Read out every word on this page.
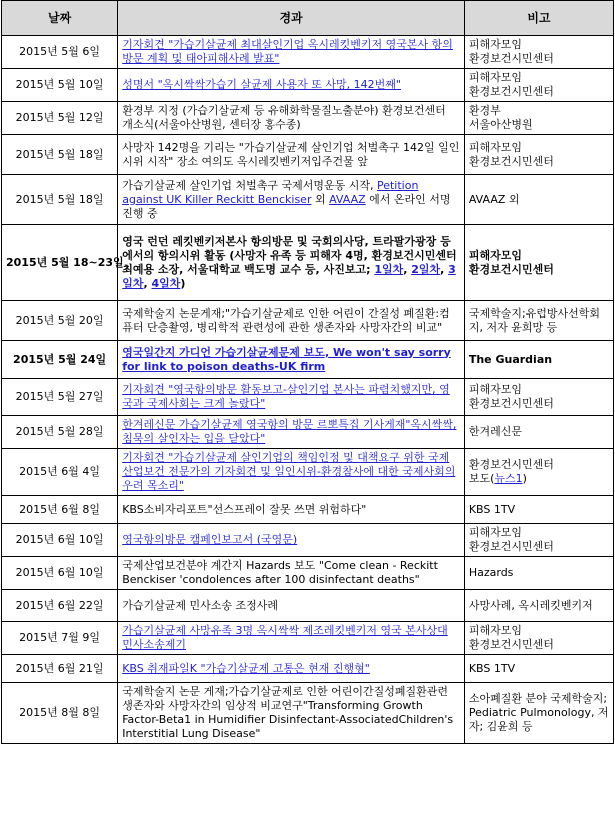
날짜	경과	비고
2015년 5월 6일	기자회견 "가습기살균제 최대살인기업 옥시레킷벤키저 영국본사 항의방문 계획 및 태아피해사례 발표"	피해자모임
환경보건시민센터
2015년 5월 10일	성명서 "옥시싹싹가습기 살균제 사용자 또 사망, 142번째"	피해자모임
환경보건시민센터
2015년 5월 12일	환경부 지정 (가습기살균제 등 유해화학물질노출분야) 환경보건센터 개소식(서울아산병원, 센터장 홍수종)	환경부
서울아산병원
2015년 5월 18일	사망자 142명을 기리는 "가습기살균제 살인기업 처벌촉구 142일 일인시위 시작" 장소 여의도 옥시레킷벤키저입주건물 앞	피해자모임
환경보건시민센터
2015년 5월 18일	가습기살균제 살인기업 처벌촉구 국제서명운동 시작, Petition against UK Killer Reckitt Benckiser 외 AVAAZ 에서 온라인 서명 진행 중	AVAAZ 외
2015년 5월 18~23일	영국 런던 레킷벤키저본사 항의방문 및 국회의사당, 트라팔가광장 등에서의 항의시위 활동 (사망자 유족 등 피해자 4명, 환경보건시민센터 최예용 소장, 서울대학교 백도명 교수 등, 사진보고; 1일차, 2일차, 3일차, 4일차)	피해자모임
환경보건시민센터
2015년 5월 20일	국제학술지 논문게재;"가습기살균제로 인한 어린이 간질성 폐질환:컴퓨터 단층촬영, 병리학적 관련성에 관한 생존자와 사망자간의 비교"	국제학술지;유럽방사선학회지, 저자 윤희망 등
2015년 5월 24일	영국일간지 가디언 가습기살균제문제 보도, We won't say sorry for link to poison deaths-UK firm	The Guardian
2015년 5월 27일	기자회견 "영국항의방문 활동보고-살인기업 본사는 파렴치했지만, 영국과 국제사회는 크게 놀랐다"	피해자모임
환경보건시민센터
2015년 5월 28일	한겨레신문 가습기살균제 영국항의 방문 르뽀특집 기사게재"옥시싹싹, 침묵의 살인자는 입을 닫았다"	한겨레신문
2015년 6월 4일	기자회견 "가습기살균제 살인기업의 책임인정 및 대책요구 위한 국제산업보건 전문가의 기자회견 및 일인시위-환경참사에 대한 국제사회의 우려 목소리"	환경보건시민센터
보도(뉴스1)
2015년 6월 8일	KBS소비자리포트"선스프레이 잘못 쓰면 위험하다"	KBS 1TV
2015년 6월 10일	영국항의방문 캠페인보고서 (국영문)	피해자모임
환경보건시민센터
2015년 6월 10일	국제산업보건분야 계간지 Hazards 보도 "Come clean - Reckitt Benckiser 'condolences after 100 disinfectant deaths"	Hazards
2015년 6월 22일	가습기살균제 민사소송 조정사례	사망사례, 옥시레킷벤키저
2015년 7월 9일	가습기살균제 사망유족 3명 옥시싹싹 제조레킷벤키저 영국 본사상대 민사소송제기	피해자모임
환경보건시민센터
2015년 6월 21일	KBS 취재파일K "가습기살균제 고통은 현재 진행형"	KBS 1TV
2015년 8월 8일	국제학술지 논문 게재;가습기살균제로 인한 어린이간질성폐질환관련 생존자와 사망자간의 임상적 비교연구"Transforming Growth Factor-Beta1 in Humidifier Disinfectant-AssociatedChildren's Interstitial Lung Disease"	소아폐질환 분야 국제학술지; Pediatric Pulmonology, 저자; 김윤희 등
